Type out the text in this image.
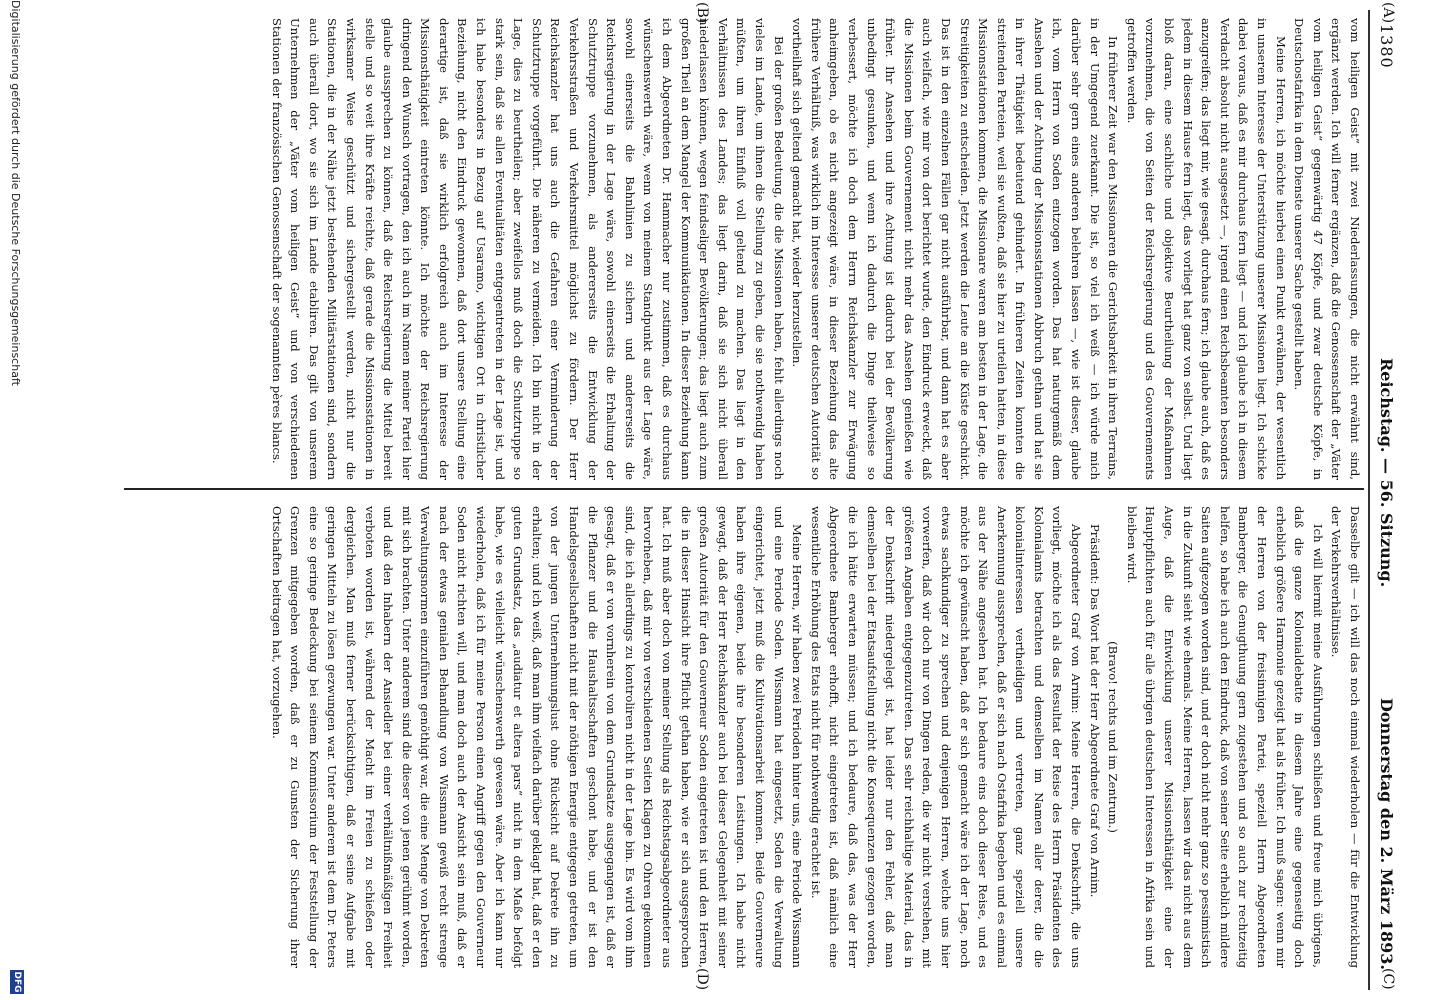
1380
Reichstag. — 56. Sitzung.
Donnerstag den 2. März 1893.
(A)
(B)
(C)
(D)

vom heiligen Geist“ mit zwei Niederlassungen, die nicht erwähnt sind, ergänzt werden. Ich will ferner ergänzen, daß die Genossenschaft der „Väter vom heiligen Geist“ gegenwärtig 47 Köpfe, und zwar deutsche Köpfe, in Deutschostafrika in dem Dienste unserer Sache gestellt haben.

Meine Herren, ich möchte hierbei einen Punkt erwähnen, der wesentlich in unserem Interesse der Unterstützung unserer Missionen liegt. Ich schicke dabei voraus, daß es mir durchaus fern liegt — und ich glaube ich in diesem Verdacht absolut nicht ausgesetzt —, irgend einen Reichsbeamten besonders anzugreifen; das liegt mir, wie gesagt, durchaus fern; ich glaube auch, daß es jedem in diesem Hause fern liegt, das vorliegt hat ganz von selbst. Und liegt bloß daran, eine sachliche und objektive Beurtheilung der Maßnahmen vorzunehmen, die von Seiten der Reichsregierung und des Gouvernements getroffen werden.

In früherer Zeit war den Missionaren die Gerichtsbarkeit in ihren Terrains, in der Umgegend zuerkannt. Die ist, so viel ich weiß — ich würde mich darüber sehr gern eines anderen belehren lassen —, wie ist dieser, glaube ich, vom Herrn von Soden entzogen worden. Das hat naturgemäß dem Ansehen und der Achtung der Missionsstationen Abbruch gethan und hat sie in ihrer Thätigkeit bedeutend gehindert. In früheren Zeiten konnten die streitenden Parteien, weil sie wußten, daß sie hier zu urteilen hatten, in diese Missionsstationen kommen, die Missionare waren am besten in der Lage, die Streitigkeiten zu entscheiden. Jetzt werden die Leute an die Küste geschickt. Das ist in den einzelnen Fällen gar nicht ausführbar, und dann hat es aber auch vielfach, wie mir von dort berichtet wurde, den Eindruck erweckt, daß die Missionen beim Gouvernement nicht mehr das Ansehen genießen wie früher. Ihr Ansehen und ihre Achtung ist dadurch bei der Bevölkerung unbedingt gesunken, und wenn ich dadurch die Dinge theilweise so verbessert, möchte ich doch dem Herrn Reichskanzler zur Erwägung anheimgeben, ob es nicht angezeigt wäre, in dieser Beziehung das alte frühere Verhältniß, was wirklich im Interesse unserer deutschen Autorität so vortheilhaft sich geltend gemacht hat, wieder herzustellen.

Bei der großen Bedeutung, die die Missionen haben, fehlt allerdings noch vieles im Lande, um ihnen die Stellung zu geben, die sie nothwendig haben müßten, um ihren Einfluß voll geltend zu machen. Das liegt in den Verhältnissen des Landes; das liegt darin, daß sie sich nicht überall niederlassen können, wegen feindseliger Bevölkerungen; das liegt auch zum großen Theil an dem Mangel der Kommunikationen. In dieser Beziehung kann ich dem Abgeordneten Dr. Hammacher nur zustimmen, daß es durchaus wünschenswerth wäre, wenn von meinem Standpunkt aus der Lage wäre, sowohl einerseits die Bahnlinien zu sichern und andererseits die Reichsregierung in der Lage wäre, sowohl einerseits die Erhaltung der Schutztruppe vorzunehmen, als andererseits die Entwicklung der Verkehrsstraßen und Verkehrsmittel möglichst zu fördern. Der Herr Reichskanzler hat uns auch die Gefahren einer Verminderung der Schutztruppe vorgeführt. Die näheren zu vermeiden. Ich bin nicht in der Lage, dies zu beurtheilen; aber zweifellos muß doch die Schutztruppe so stark sein, daß sie allen Eventualitäten entgegentreten in der Lage ist, und ich habe besonders in Bezug auf Usaramo, wichtigen Ort in christlicher Beziehung, nicht den Eindruck gewonnen, daß dort unsere Stellung eine derartige ist, daß sie wirklich erfolgreich auch im Interesse der Missionsthätigkeit eintreten könnte. Ich möchte der Reichsregierung dringend den Wunsch vortragen, den ich auch im Namen meiner Partei hier glaube aussprechen zu können, daß die Reichsregierung die Mittel bereit stelle und so weit ihre Kräfte reichte, daß gerade die Missionsstationen in wirksamer Weise geschützt und sichergestellt werden, nicht nur die Stationen, die in der Nähe jetzt bestehenden Militärstationen sind, sondern auch überall dort, wo sie sich im Lande etabliren. Das gilt von unserem Unternehmen der „Väter vom heiligen Geist“ und von verschiedenen Stationen der französischen Genossenschaft der sogenannten pères blancs.

Dasselbe gilt — ich will das noch einmal wiederholen — für die Entwicklung der Verkehrsverhältnisse.

Ich will hiermit meine Ausführungen schließen und freue mich übrigens, daß die ganze Kolonialdebatte in diesem Jahre eine gegenseitig doch erheblich größere Harmonie gezeigt hat als früher. Ich muß sagen: wenn mir der Herren von der freisinnigen Partei, speziell Herrn Abgeordneten Bamberger, die Genugthuung gern zugestehen und so auch zur rechtzeitig helfen, so habe ich auch den Eindruck, daß von seiner Seite erheblich mildere Saiten aufgezogen worden sind, und er doch nicht mehr ganz so pessimistisch in die Zukunft sieht wie ehemals. Meine Herren, lassen wir das nicht aus dem Auge, daß die Entwicklung unserer Missionsthätigkeit eine der Hauptpflichten auch für alle übrigen deutschen Interessen in Afrika sein und bleiben wird.

(Bravo! rechts und im Zentrum.)

Präsident: Das Wort hat der Herr Abgeordnete Graf von Arnim.

Abgeordneter Graf von Arnim: Meine Herren, die Denkschrift, die uns vorliegt, möchte ich als das Resultat der Reise des Herrn Präsidenten des Kolonialamts betrachten und demselben im Namen aller derer, die die kolonialinteressen vertheidigen und vertreten, ganz speziell unsere Anerkennung aussprechen, daß er sich nach Ostafrika begeben und es einmal aus der Nähe angesehen hat. Ich bedaure eins doch dieser Reise, und es möchte ich gewünscht haben, daß er sich gemacht wäre ich der Lage, noch etwas sachkundiger zu sprechen und denjenigen Herren, welche uns hier vorwerfen, daß wir doch nur von Dingen reden, die wir nicht verstehen, mit größeren Angaben entgegenzutreten. Das sehr reichhaltige Material, das in der Denkschrift niedergelegt ist, hat leider nur den Fehler, daß man demselben bei der Etatsaufstellung nicht die Konsequenzen gezogen worden, die ich hätte erwarten müssen; und ich bedaure, daß das, was der Herr Abgeordnete Bamberger erhofft, nicht eingetreten ist, daß nämlich eine wesentliche Erhöhung des Etats nicht für nothwendig erachtet ist.

Meine Herren, wir haben zwei Perioden hinter uns, eine Periode Wissmann und eine Periode Soden. Wissmann hat eingesetzt, Soden die Verwaltung eingerichtet, jetzt muß die Kultivationsarbeit kommen. Beide Gouverneure haben ihre eigenen, beide ihre besonderen Leistungen. Ich habe nicht gewagt, daß der Herr Reichskanzler auch bei dieser Gelegenheit mit seiner großen Autorität für den Gouverneur Soden eingetreten ist und den Herren, die in dieser Hinsicht ihre Pflicht gethan haben, wie er sich ausgesprochen hat. Ich muß aber doch von meiner Stellung als Reichstagsabgeordneter aus hervorheben, daß mir von verschiedenen Seiten Klagen zu Ohren gekommen sind, die ich allerdings zu kontroliren nicht in der Lage bin. Es wird vom ihm gesagt, daß er von vornherein von dem Grundsatze ausgegangen ist, daß er die Pflanzer und die Haushaltsschaften geschont habe, und er ist den Handelsgesellschaften nicht mit der nöthigen Energie entgegen getreten, um von der jungen Unternehmungslust ohne Rücksicht auf Dekrete ihn zu erhalten; und ich weiß, daß man ihm vielfach darüber geklagt hat, daß er den guten Grundsatz, das „audiatur et altera pars“ nicht in dem Maße befolgt habe, wie es vielleicht wünschenswerth gewesen wäre. Aber ich kann nur wiederholen, daß ich für meine Person einen Angriff gegen den Gouverneur Soden nicht richten will, und man doch auch der Ansicht sein muß, daß er nach der etwas genialen Behandlung von Wissmann gewiß recht strenge Verwaltungsnormen einzuführen genöthigt war, die eine Menge von Dekreten mit sich brachten. Unter anderem sind die dieser von jenen gerühmt worden, und daß den Inhabern der Ansiedler bei einer verhältnißmäßigen Freiheit verboten worden ist, während der Macht im Freien zu schießen oder dergleichen. Man muß ferner berücksichtigen, daß er seine Aufgabe mit geringen Mitteln zu lösen gezwungen war. Unter anderem ist dem Dr. Peters eine so geringe Bedeckung bei seinem Kommissorium der Feststellung der Grenzen mitgegeben worden, daß er zu Gunsten der Sicherung ihrer Ortschaften beitragen hat, vorzugehen.

Digitalisierung gefördert durch die Deutsche Forschungsgemeinschaft
DFG
